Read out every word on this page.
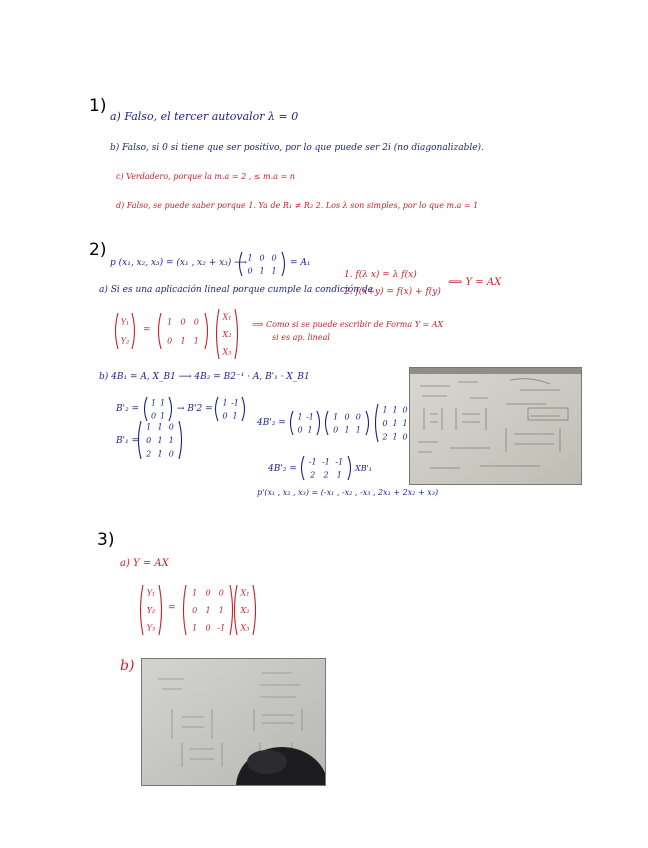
1)
a) Falso, el tercer autovalor λ = 0
b) Falso, si 0 si tiene que ser positivo, por lo que puede ser 2i (no diagonalizable).
c) Verdadero, porque la m.a = 2 , ≤ m.a = n
d) Falso, se puede saber porque 1. Ya de R₁ ≠ R₂ 2. Los λ son simples, por lo que m.a = 1
2)
p (x₁, x₂, x₃) = (x₁ , x₂ + x₃) ⟶ 1 0 0
0 1 1
= A₁
1. f(λ x) = λ f(x)
2. f(x+y) = f(x) + f(y)
⟺ Y = AX
a) Si es una aplicación lineal porque cumple la condición de
Y₁
Y₂
=
1 0 0
0 1 1
X₁
X₂
X₃
⟹ Como si se puede escribir de Forma Y = AX
si es ap. lineal
b) 4B₁ = A, X_B1 ⟶ 4B₂ = B2⁻¹ · A, B'₁ · X_B1
B'₂ =
1 1
0 1
→ B'2 =
1 -1
0 1
B'₁ =
1 1 0
0 1 1
2 1 0
4B'₂ =
1 -1
0 1
1 0 0
0 1 1
1 1 0
0 1 1
2 1 0
4B'₂ =
-1 -1 -1
2 2 1
XB'₁
p'(x₁ , x₂ , x₃) = (-x₁ , -x₂ , -x₃ , 2x₁ + 2x₂ + x₃)
3)
a) Y = AX
Y₁
Y₂
Y₃
=
1 0 0
0 1 1
1 0 -1
X₁
X₂
X₃
b)
